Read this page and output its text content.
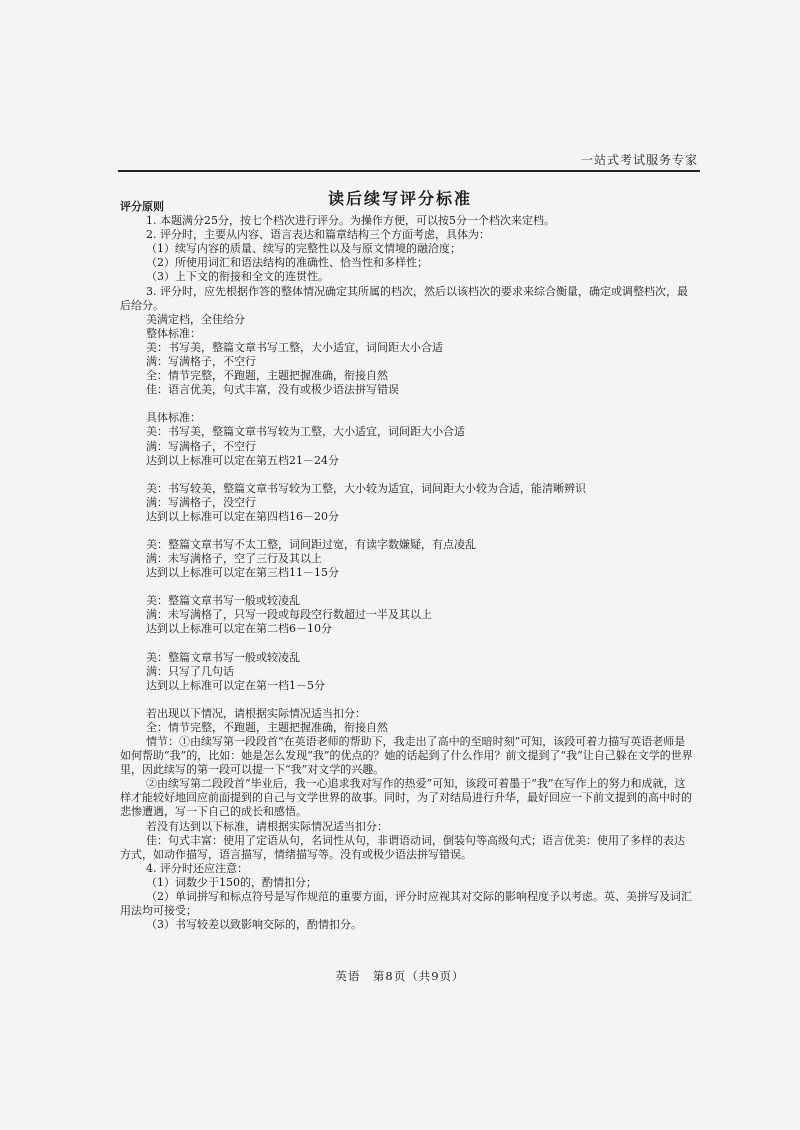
一站式考试服务专家
读后续写评分标准
评分原则
1. 本题满分25分，按七个档次进行评分。为操作方便，可以按5分一个档次来定档。
2. 评分时，主要从内容、语言表达和篇章结构三个方面考虑，具体为：
（1）续写内容的质量、续写的完整性以及与原文情境的融洽度；
（2）所使用词汇和语法结构的准确性、恰当性和多样性；
（3）上下文的衔接和全文的连贯性。
3. 评分时，应先根据作答的整体情况确定其所属的档次，然后以该档次的要求来综合衡量，确定或调整档次，最后给分。
美满定档，全佳给分
整体标准：
美：书写美，整篇文章书写工整，大小适宜，词间距大小合适
满：写满格子，不空行
全：情节完整，不跑题，主题把握准确，衔接自然
佳：语言优美，句式丰富，没有或极少语法拼写错误
具体标准：
美：书写美，整篇文章书写较为工整，大小适宜，词间距大小合适
满：写满格子，不空行
达到以上标准可以定在第五档21－24分
美：书写较美，整篇文章书写较为工整，大小较为适宜，词间距大小较为合适，能清晰辨识
满：写满格子，没空行
达到以上标准可以定在第四档16－20分
美：整篇文章书写不太工整，词间距过宽，有读字数嫌疑，有点凌乱
满：未写满格子，空了三行及其以上
达到以上标准可以定在第三档11－15分
美：整篇文章书写一般或较凌乱
满：未写满格了，只写一段或每段空行数超过一半及其以上
达到以上标准可以定在第二档6－10分
美：整篇文章书写一般或较凌乱
满：只写了几句话
达到以上标准可以定在第一档1－5分
若出现以下情况，请根据实际情况适当扣分：
全：情节完整，不跑题，主题把握准确，衔接自然
情节：①由续写第一段段首“在英语老师的帮助下，我走出了高中的至暗时刻”可知，该段可着力描写英语老师是如何帮助“我”的，比如：她是怎么发现“我”的优点的？她的话起到了什么作用？前文提到了“我”让自己躲在文学的世界里，因此续写的第一段可以提一下“我”对文学的兴趣。
②由续写第二段段首“毕业后，我一心追求我对写作的热爱”可知，该段可着墨于“我”在写作上的努力和成就，这样才能较好地回应前面提到的自己与文学世界的故事。同时，为了对结局进行升华，最好回应一下前文提到的高中时的悲惨遭遇，写一下自己的成长和感悟。
若没有达到以下标准，请根据实际情况适当扣分：
佳：句式丰富：使用了定语从句，名词性从句，非谓语动词，倒装句等高级句式；语言优美：使用了多样的表达方式，如动作描写，语言描写，情绪描写等。没有或极少语法拼写错误。
4. 评分时还应注意：
（1）词数少于150的，酌情扣分；
（2）单词拼写和标点符号是写作规范的重要方面，评分时应视其对交际的影响程度予以考虑。英、美拼写及词汇用法均可接受；
（3）书写较差以致影响交际的，酌情扣分。
英语　第8页（共9页）
